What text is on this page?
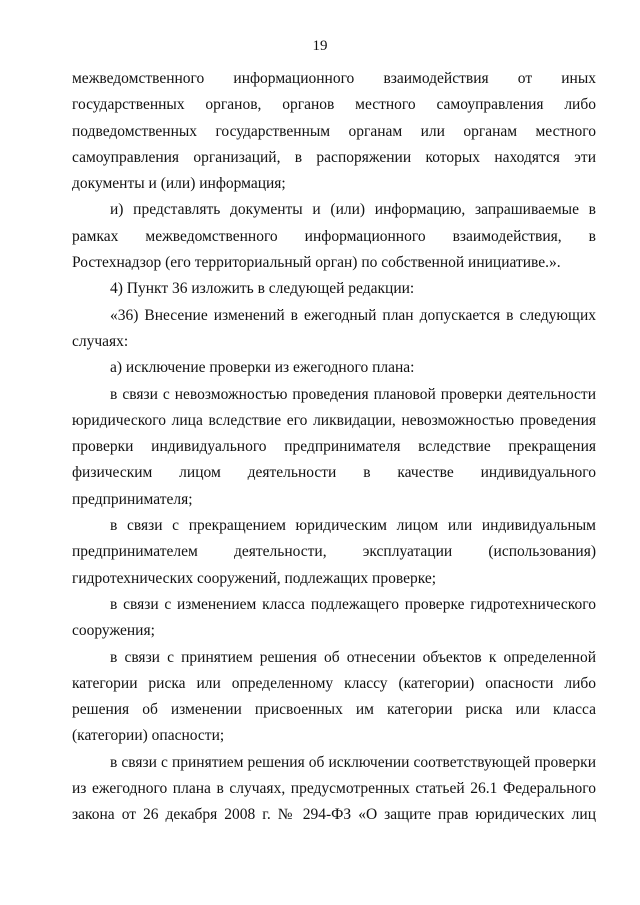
19

межведомственного информационного взаимодействия от иных государственных органов, органов местного самоуправления либо подведомственных государственным органам или органам местного самоуправления организаций, в распоряжении которых находятся эти документы и (или) информация;

и) представлять документы и (или) информацию, запрашиваемые в рамках межведомственного информационного взаимодействия, в Ростехнадзор (его территориальный орган) по собственной инициативе.».

4) Пункт 36 изложить в следующей редакции:

«36) Внесение изменений в ежегодный план допускается в следующих случаях:

а) исключение проверки из ежегодного плана:

в связи с невозможностью проведения плановой проверки деятельности юридического лица вследствие его ликвидации, невозможностью проведения проверки индивидуального предпринимателя вследствие прекращения физическим лицом деятельности в качестве индивидуального предпринимателя;

в связи с прекращением юридическим лицом или индивидуальным предпринимателем деятельности, эксплуатации (использования) гидротехнических сооружений, подлежащих проверке;

в связи с изменением класса подлежащего проверке гидротехнического сооружения;

в связи с принятием решения об отнесении объектов к определенной категории риска или определенному классу (категории) опасности либо решения об изменении присвоенных им категории риска или класса (категории) опасности;

в связи с принятием решения об исключении соответствующей проверки из ежегодного плана в случаях, предусмотренных статьей 26.1 Федерального закона от 26 декабря 2008 г. № 294-ФЗ «О защите прав юридических лиц
